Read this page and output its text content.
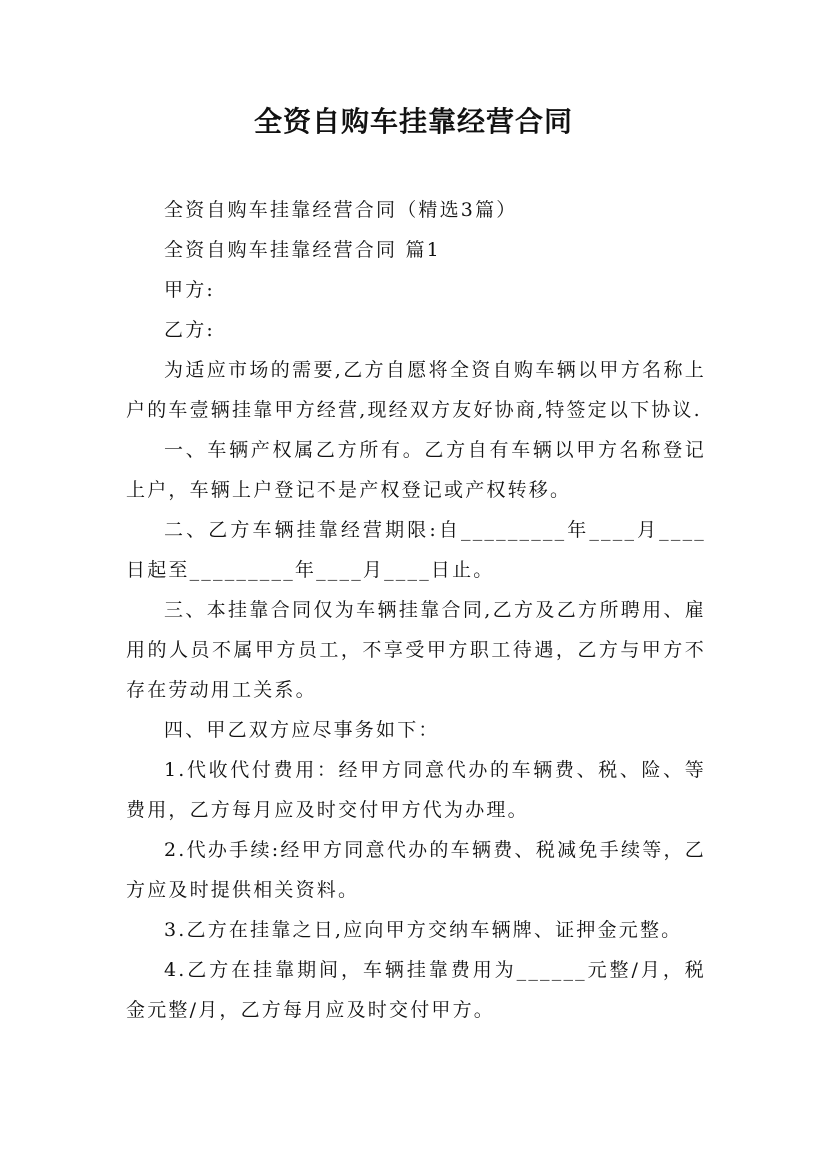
全资自购车挂靠经营合同

全资自购车挂靠经营合同（精选3篇）

全资自购车挂靠经营合同 篇1

甲方:

乙方:

为适应市场的需要,乙方自愿将全资自购车辆以甲方名称上户的车壹辆挂靠甲方经营,现经双方友好协商,特签定以下协议.

一、车辆产权属乙方所有。乙方自有车辆以甲方名称登记上户，车辆上户登记不是产权登记或产权转移。

二、乙方车辆挂靠经营期限:自_________年____月____日起至_________年____月____日止。

三、本挂靠合同仅为车辆挂靠合同,乙方及乙方所聘用、雇用的人员不属甲方员工，不享受甲方职工待遇，乙方与甲方不存在劳动用工关系。

四、甲乙双方应尽事务如下：

1.代收代付费用：经甲方同意代办的车辆费、税、险、等费用，乙方每月应及时交付甲方代为办理。

2.代办手续:经甲方同意代办的车辆费、税减免手续等，乙方应及时提供相关资料。

3.乙方在挂靠之日,应向甲方交纳车辆牌、证押金元整。

4.乙方在挂靠期间，车辆挂靠费用为______元整/月，税金元整/月，乙方每月应及时交付甲方。
